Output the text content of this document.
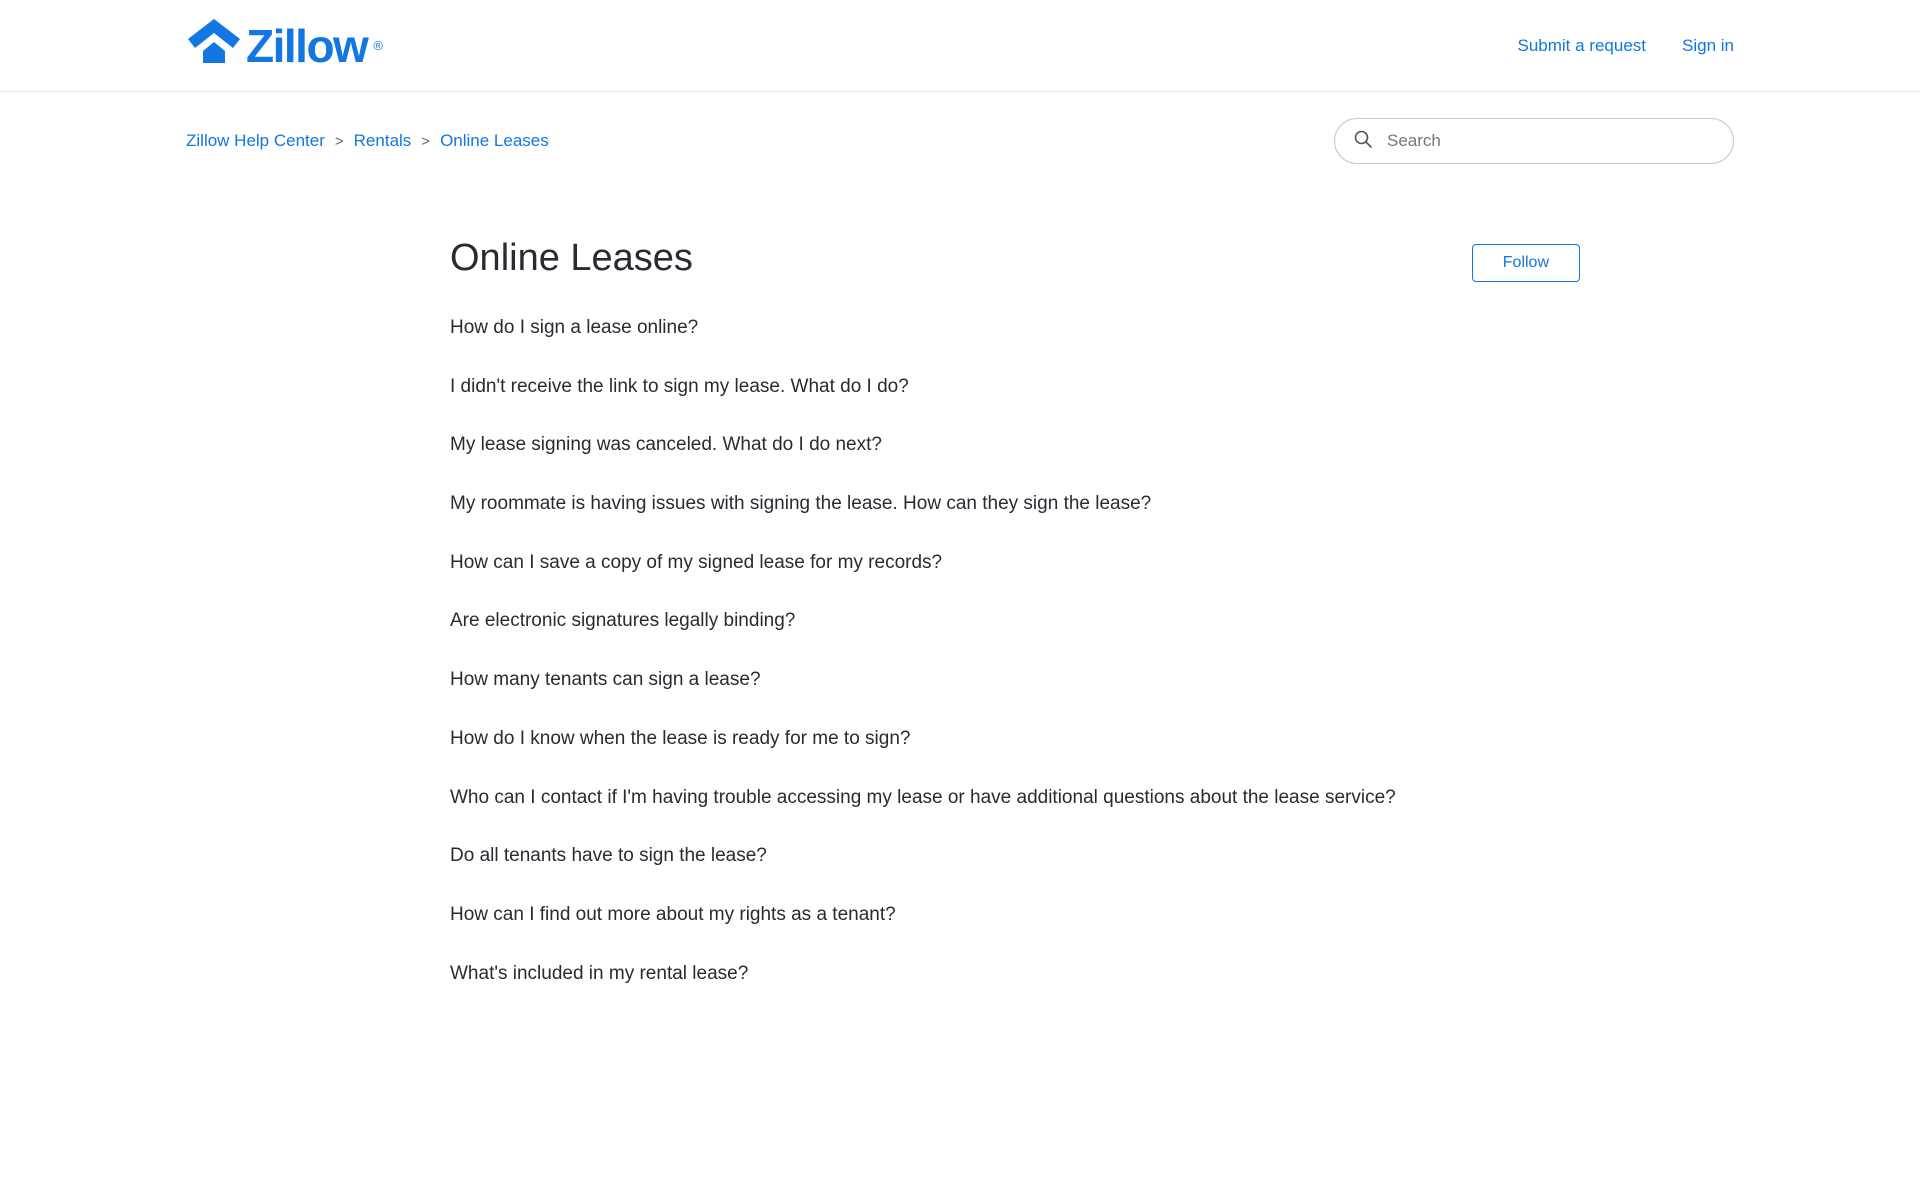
Zillow ®	Submit a request Sign in
Zillow Help Center > Rentals > Online Leases
Search
Online Leases	Follow
How do I sign a lease online?
I didn't receive the link to sign my lease. What do I do?
My lease signing was canceled. What do I do next?
My roommate is having issues with signing the lease. How can they sign the lease?
How can I save a copy of my signed lease for my records?
Are electronic signatures legally binding?
How many tenants can sign a lease?
How do I know when the lease is ready for me to sign?
Who can I contact if I'm having trouble accessing my lease or have additional questions about the lease service?
Do all tenants have to sign the lease?
How can I find out more about my rights as a tenant?
What's included in my rental lease?
